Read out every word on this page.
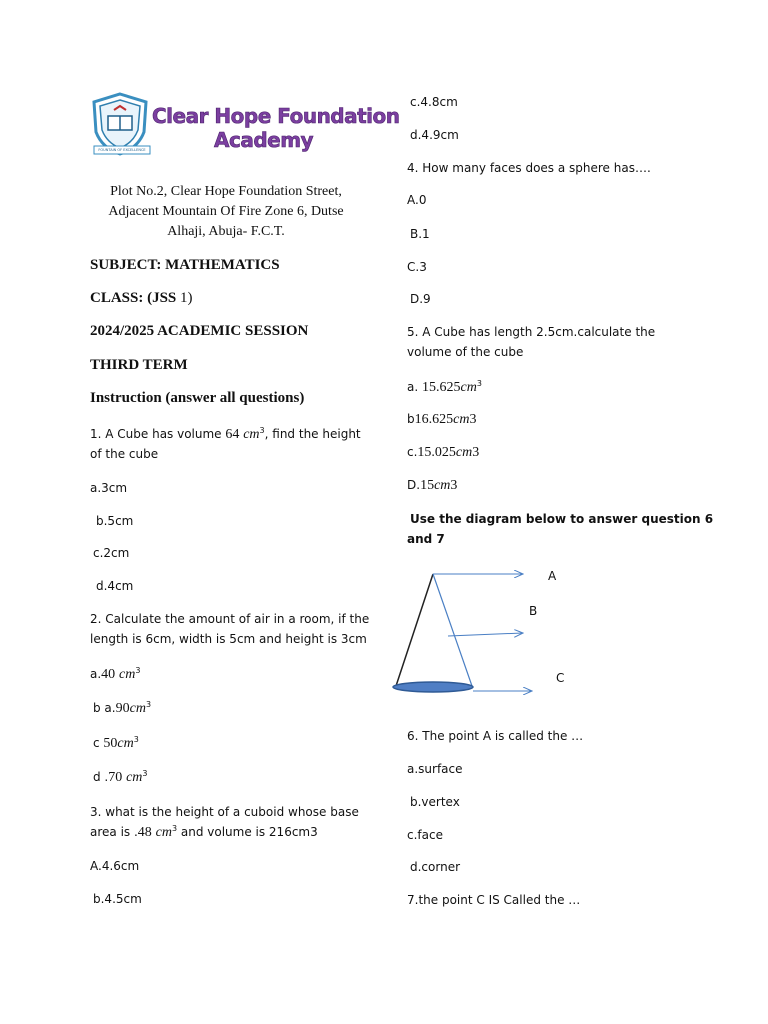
FOUNTAIN OF EXCELLENCE
Clear Hope Foundation
Academy
Plot No.2, Clear Hope Foundation Street, Adjacent Mountain Of Fire Zone 6, Dutse Alhaji, Abuja- F.C.T.
SUBJECT: MATHEMATICS
CLASS: (JSS 1)
2024/2025 ACADEMIC SESSION
THIRD TERM
Instruction (answer all questions)
1. A Cube has volume 64 $cm^3$, find the height
of the cube
a.3cm
b.5cm
c.2cm
d.4cm
2. Calculate the amount of air in a room, if the
length is 6cm, width is 5cm and height is 3cm
a.40 $cm^3$
b $a.90cm^3$
c $50cm^3$
d .70 $cm^3$
3. what is the height of a cuboid whose base
area is .48 $cm^3$ and volume is 216cm3
A.4.6cm
b.4.5cm
c.4.8cm
d.4.9cm
4. How many faces does a sphere has….
A.0
B.1
C.3
D.9
5. A Cube has length 2.5cm.calculate the
volume of the cube
a. $15.625cm^3$
b16.625cm3
c.15.025cm3
D.15cm3
Use the diagram below to answer question 6
and 7
A
B
C
6. The point A is called the …
a.surface
b.vertex
c.face
d.corner
7.the point C IS Called the …
